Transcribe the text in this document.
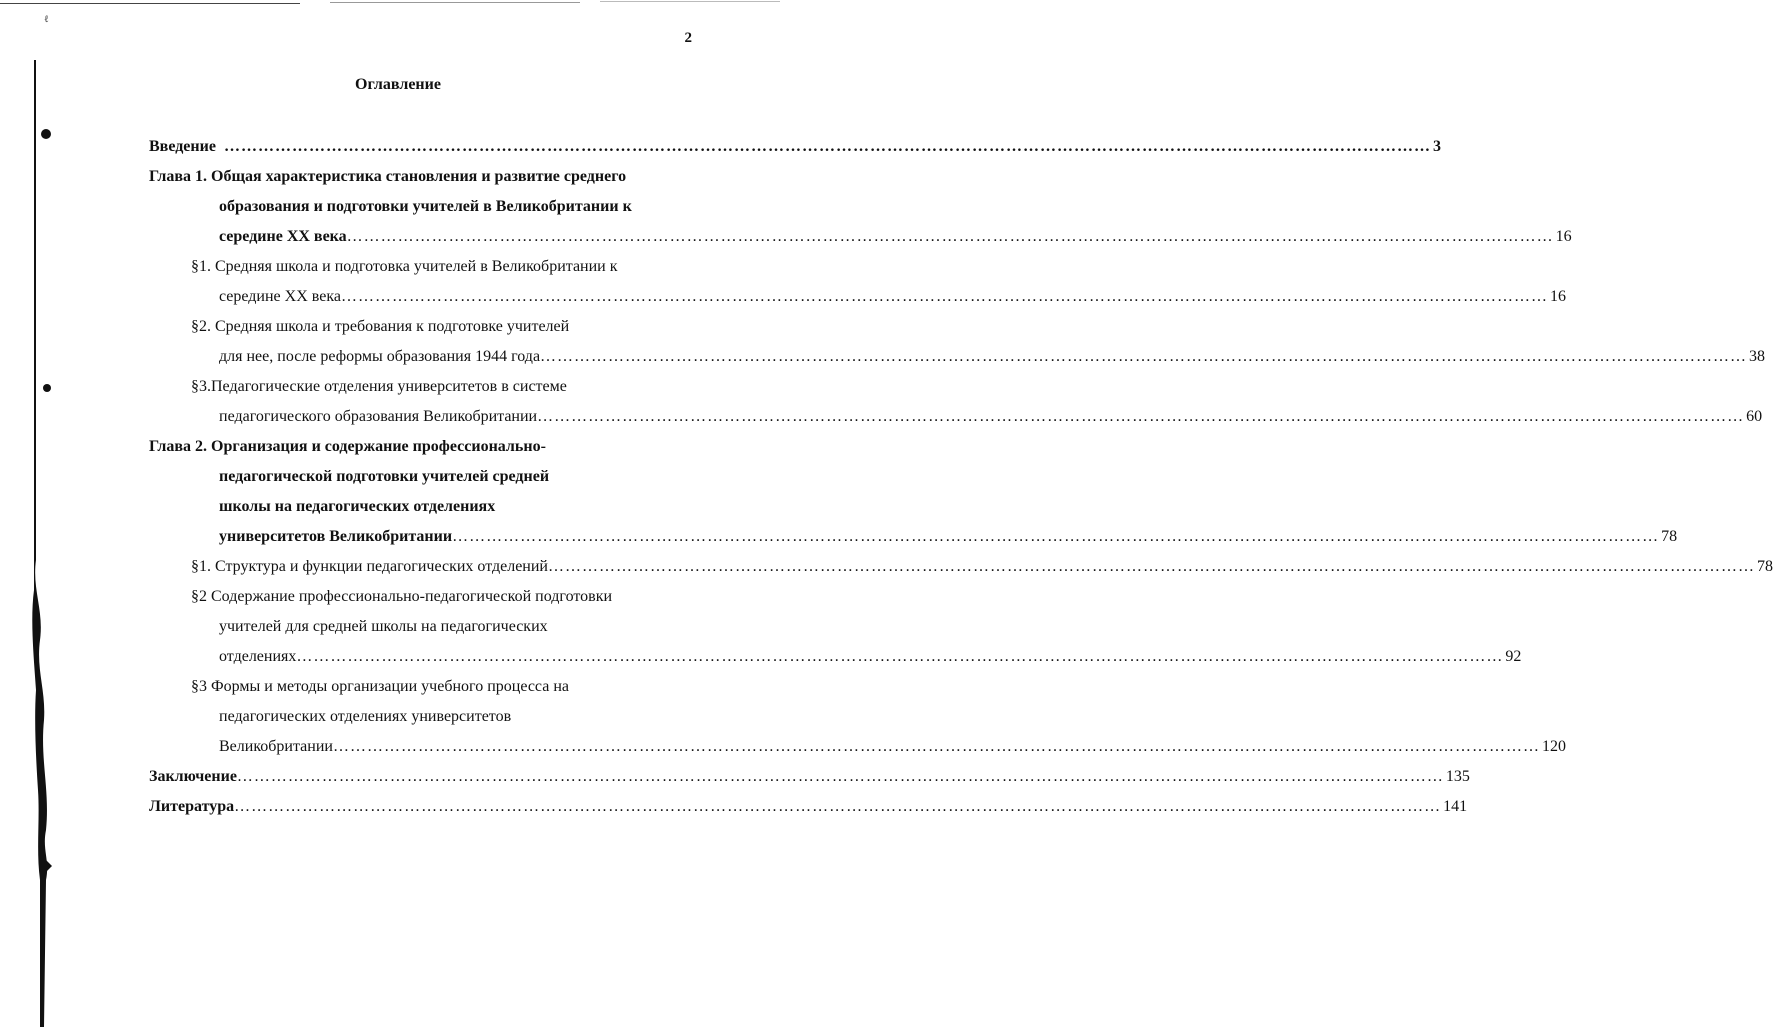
ℓ
2
Оглавление
Введение …………………………………………………………………………………………………………………………………………………………………………………………… 3
Глава 1. Общая характеристика становления и развитие среднего
образования и подготовки учителей в Великобритании к
середине XX века …………………………………………………………………………………………………………………………………………………………………………………………… 16
§1. Средняя школа и подготовка учителей в Великобритании к
середине XX века …………………………………………………………………………………………………………………………………………………………………………………………… 16
§2. Средняя школа и требования к подготовке учителей
для нее, после реформы образования 1944 года …………………………………………………………………………………………………………………………………………………………………………………………… 38
§3.Педагогические отделения университетов в системе
педагогического образования Великобритании …………………………………………………………………………………………………………………………………………………………………………………………… 60
Глава 2. Организация и содержание профессионально-
педагогической подготовки учителей средней
школы на педагогических отделениях
университетов Великобритании …………………………………………………………………………………………………………………………………………………………………………………………… 78
§1. Структура и функции педагогических отделений …………………………………………………………………………………………………………………………………………………………………………………………… 78
§2 Содержание профессионально-педагогической подготовки
учителей для средней школы на педагогических
отделениях …………………………………………………………………………………………………………………………………………………………………………………………… 92
§3 Формы и методы организации учебного процесса на
педагогических отделениях университетов
Великобритании …………………………………………………………………………………………………………………………………………………………………………………………… 120
Заключение …………………………………………………………………………………………………………………………………………………………………………………………… 135
Литература …………………………………………………………………………………………………………………………………………………………………………………………… 141
